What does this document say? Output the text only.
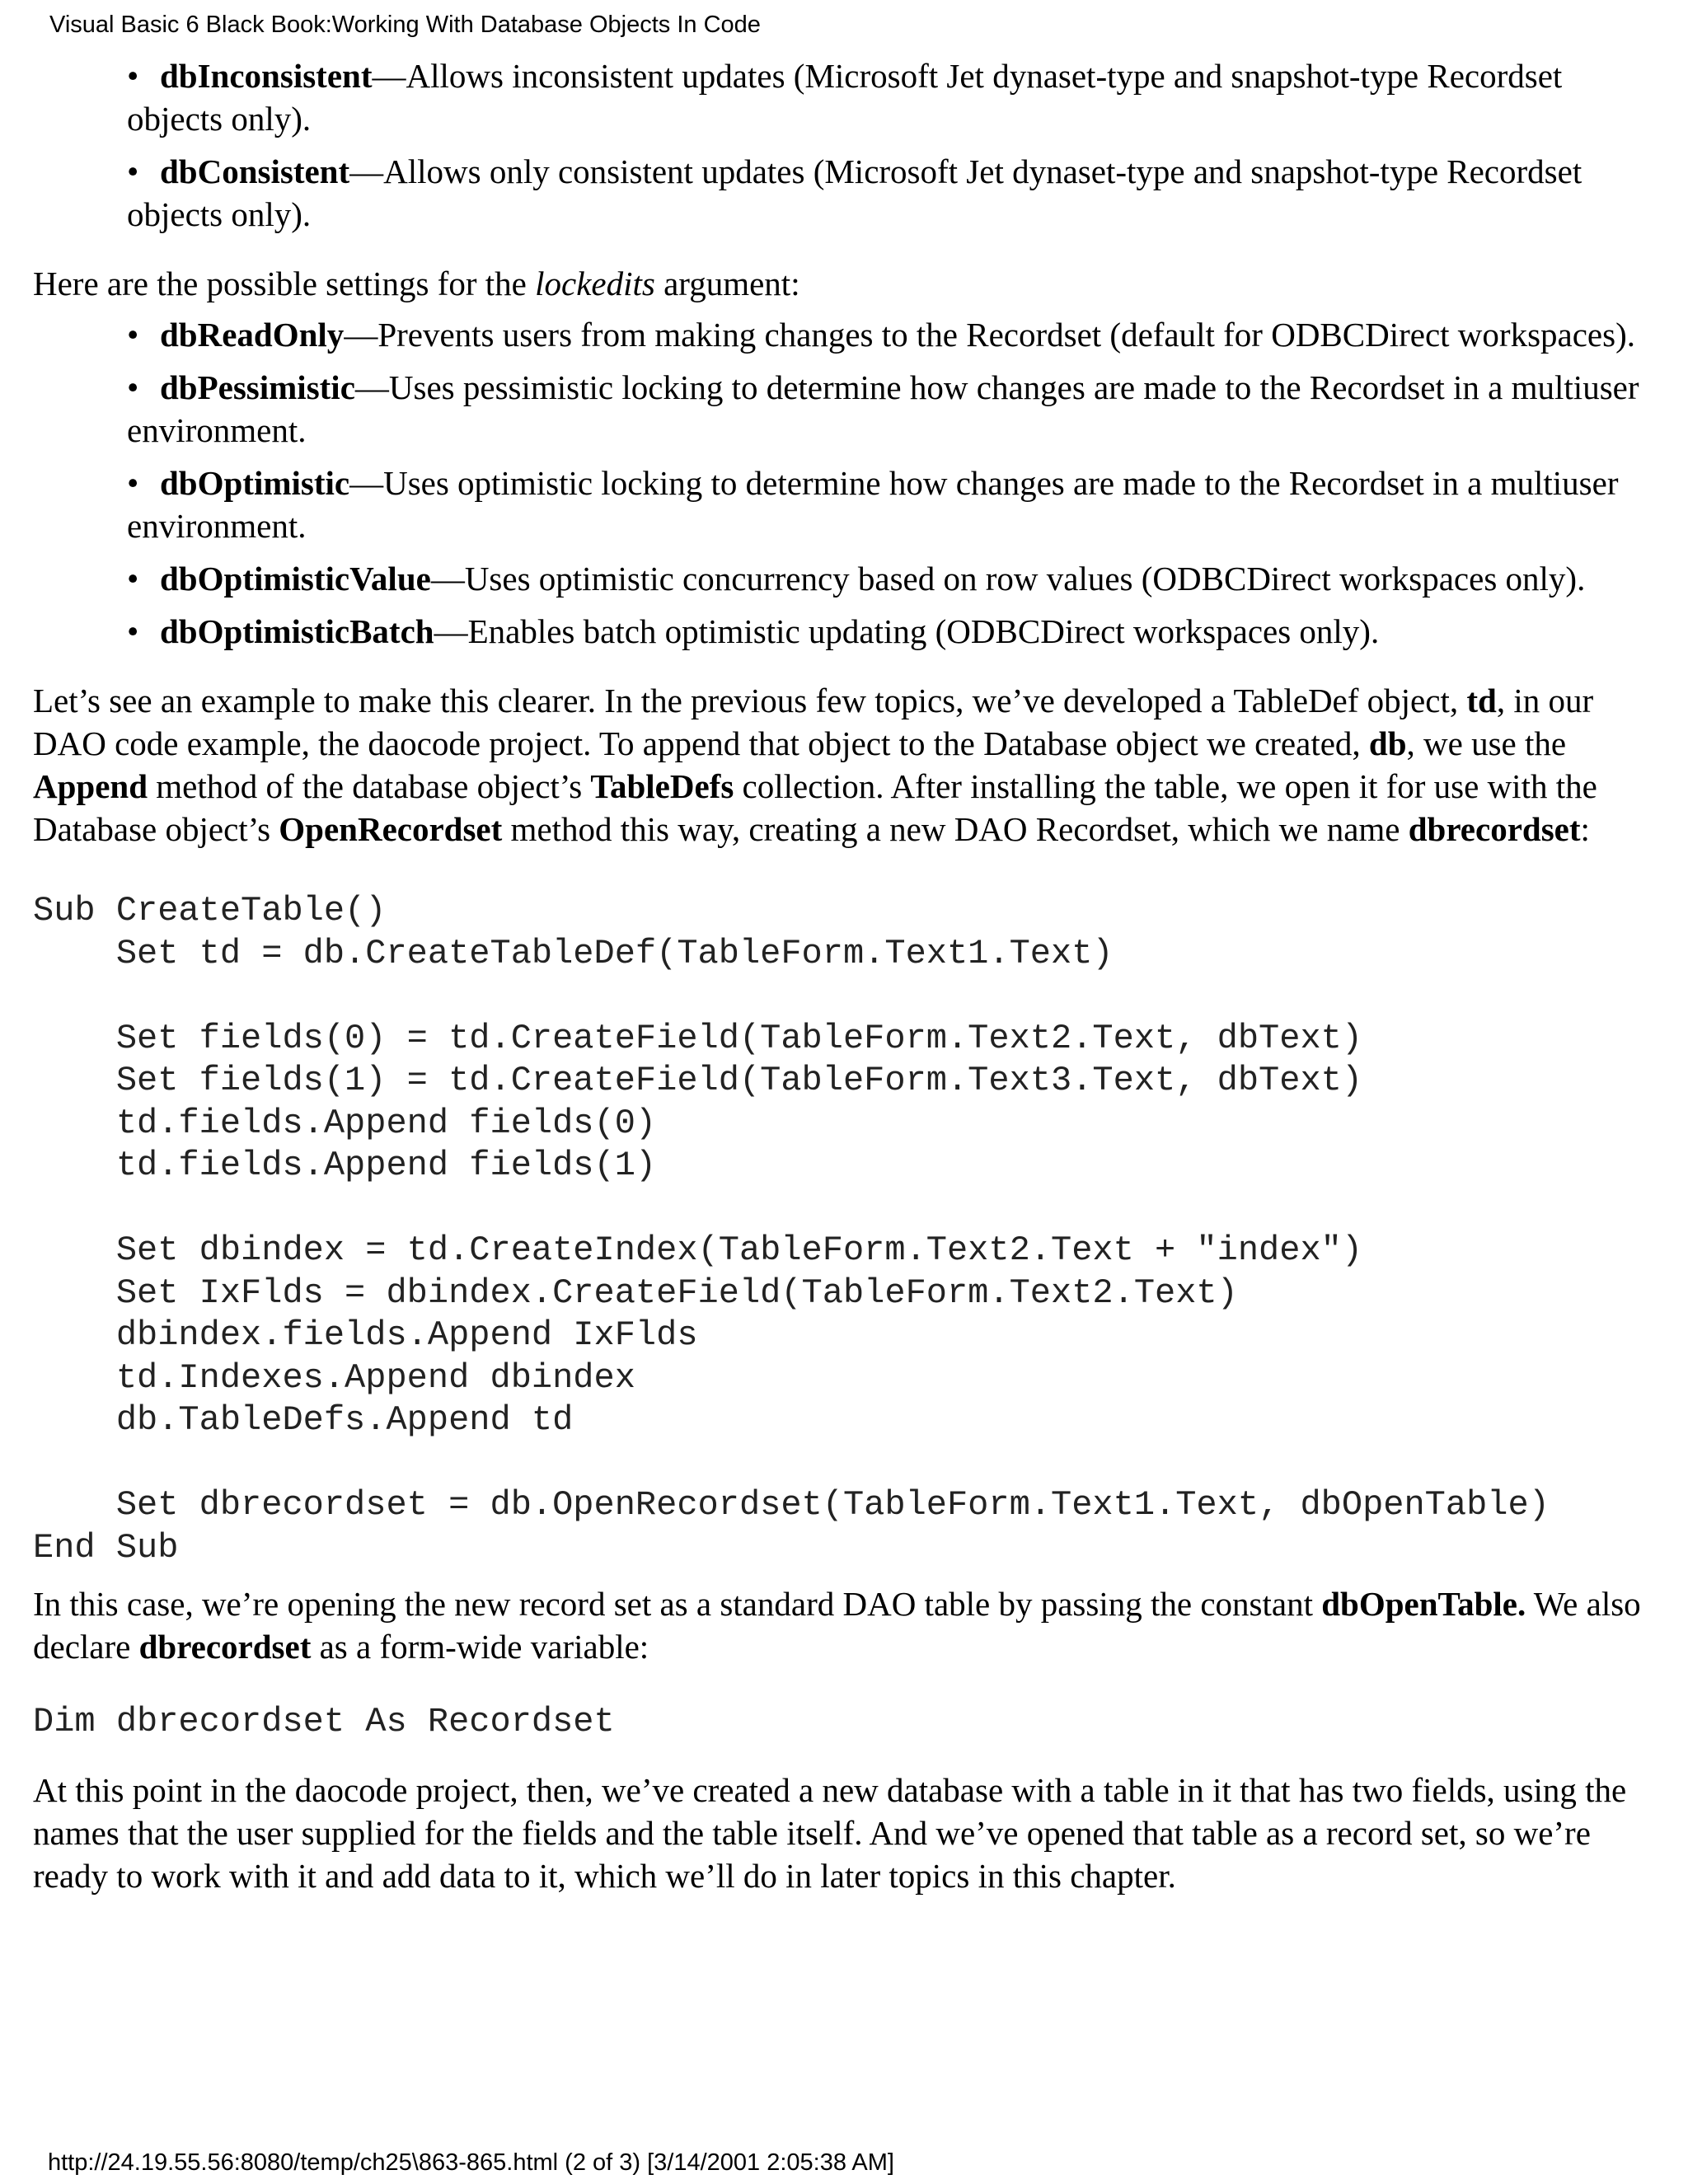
Visual Basic 6 Black Book:Working With Database Objects In Code
• dbInconsistent—Allows inconsistent updates (Microsoft Jet dynaset-type and snapshot-type Recordset objects only).
• dbConsistent—Allows only consistent updates (Microsoft Jet dynaset-type and snapshot-type Recordset objects only).

Here are the possible settings for the lockedits argument:

• dbReadOnly—Prevents users from making changes to the Recordset (default for ODBCDirect workspaces).
• dbPessimistic—Uses pessimistic locking to determine how changes are made to the Recordset in a multiuser environment.
• dbOptimistic—Uses optimistic locking to determine how changes are made to the Recordset in a multiuser environment.
• dbOptimisticValue—Uses optimistic concurrency based on row values (ODBCDirect workspaces only).
• dbOptimisticBatch—Enables batch optimistic updating (ODBCDirect workspaces only).

Let’s see an example to make this clearer. In the previous few topics, we’ve developed a TableDef object, td, in our DAO code example, the daocode project. To append that object to the Database object we created, db, we use the Append method of the database object’s TableDefs collection. After installing the table, we open it for use with the Database object’s OpenRecordset method this way, creating a new DAO Recordset, which we name dbrecordset:

Sub CreateTable()
Set td = db.CreateTableDef(TableForm.Text1.Text)

Set fields(0) = td.CreateField(TableForm.Text2.Text, dbText)
Set fields(1) = td.CreateField(TableForm.Text3.Text, dbText)
td.fields.Append fields(0)
td.fields.Append fields(1)

Set dbindex = td.CreateIndex(TableForm.Text2.Text + "index")
Set IxFlds = dbindex.CreateField(TableForm.Text2.Text)
dbindex.fields.Append IxFlds
td.Indexes.Append dbindex
db.TableDefs.Append td

Set dbrecordset = db.OpenRecordset(TableForm.Text1.Text, dbOpenTable)
End Sub

In this case, we’re opening the new record set as a standard DAO table by passing the constant dbOpenTable. We also declare dbrecordset as a form-wide variable:

Dim dbrecordset As Recordset

At this point in the daocode project, then, we’ve created a new database with a table in it that has two fields, using the names that the user supplied for the fields and the table itself. And we’ve opened that table as a record set, so we’re ready to work with it and add data to it, which we’ll do in later topics in this chapter.

http://24.19.55.56:8080/temp/ch25\863-865.html (2 of 3) [3/14/2001 2:05:38 AM]
